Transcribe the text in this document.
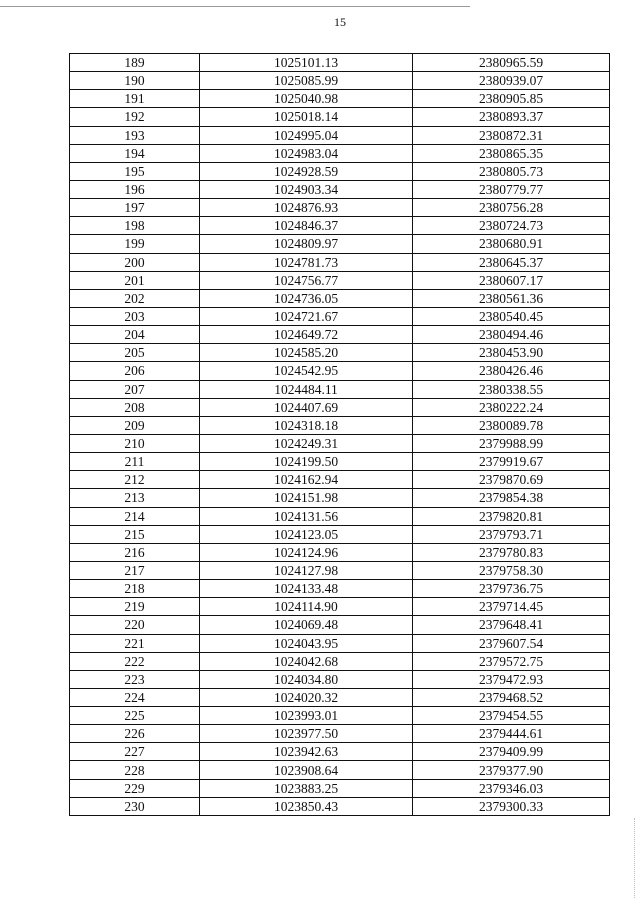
15
189	1025101.13	2380965.59
190	1025085.99	2380939.07
191	1025040.98	2380905.85
192	1025018.14	2380893.37
193	1024995.04	2380872.31
194	1024983.04	2380865.35
195	1024928.59	2380805.73
196	1024903.34	2380779.77
197	1024876.93	2380756.28
198	1024846.37	2380724.73
199	1024809.97	2380680.91
200	1024781.73	2380645.37
201	1024756.77	2380607.17
202	1024736.05	2380561.36
203	1024721.67	2380540.45
204	1024649.72	2380494.46
205	1024585.20	2380453.90
206	1024542.95	2380426.46
207	1024484.11	2380338.55
208	1024407.69	2380222.24
209	1024318.18	2380089.78
210	1024249.31	2379988.99
211	1024199.50	2379919.67
212	1024162.94	2379870.69
213	1024151.98	2379854.38
214	1024131.56	2379820.81
215	1024123.05	2379793.71
216	1024124.96	2379780.83
217	1024127.98	2379758.30
218	1024133.48	2379736.75
219	1024114.90	2379714.45
220	1024069.48	2379648.41
221	1024043.95	2379607.54
222	1024042.68	2379572.75
223	1024034.80	2379472.93
224	1024020.32	2379468.52
225	1023993.01	2379454.55
226	1023977.50	2379444.61
227	1023942.63	2379409.99
228	1023908.64	2379377.90
229	1023883.25	2379346.03
230	1023850.43	2379300.33
